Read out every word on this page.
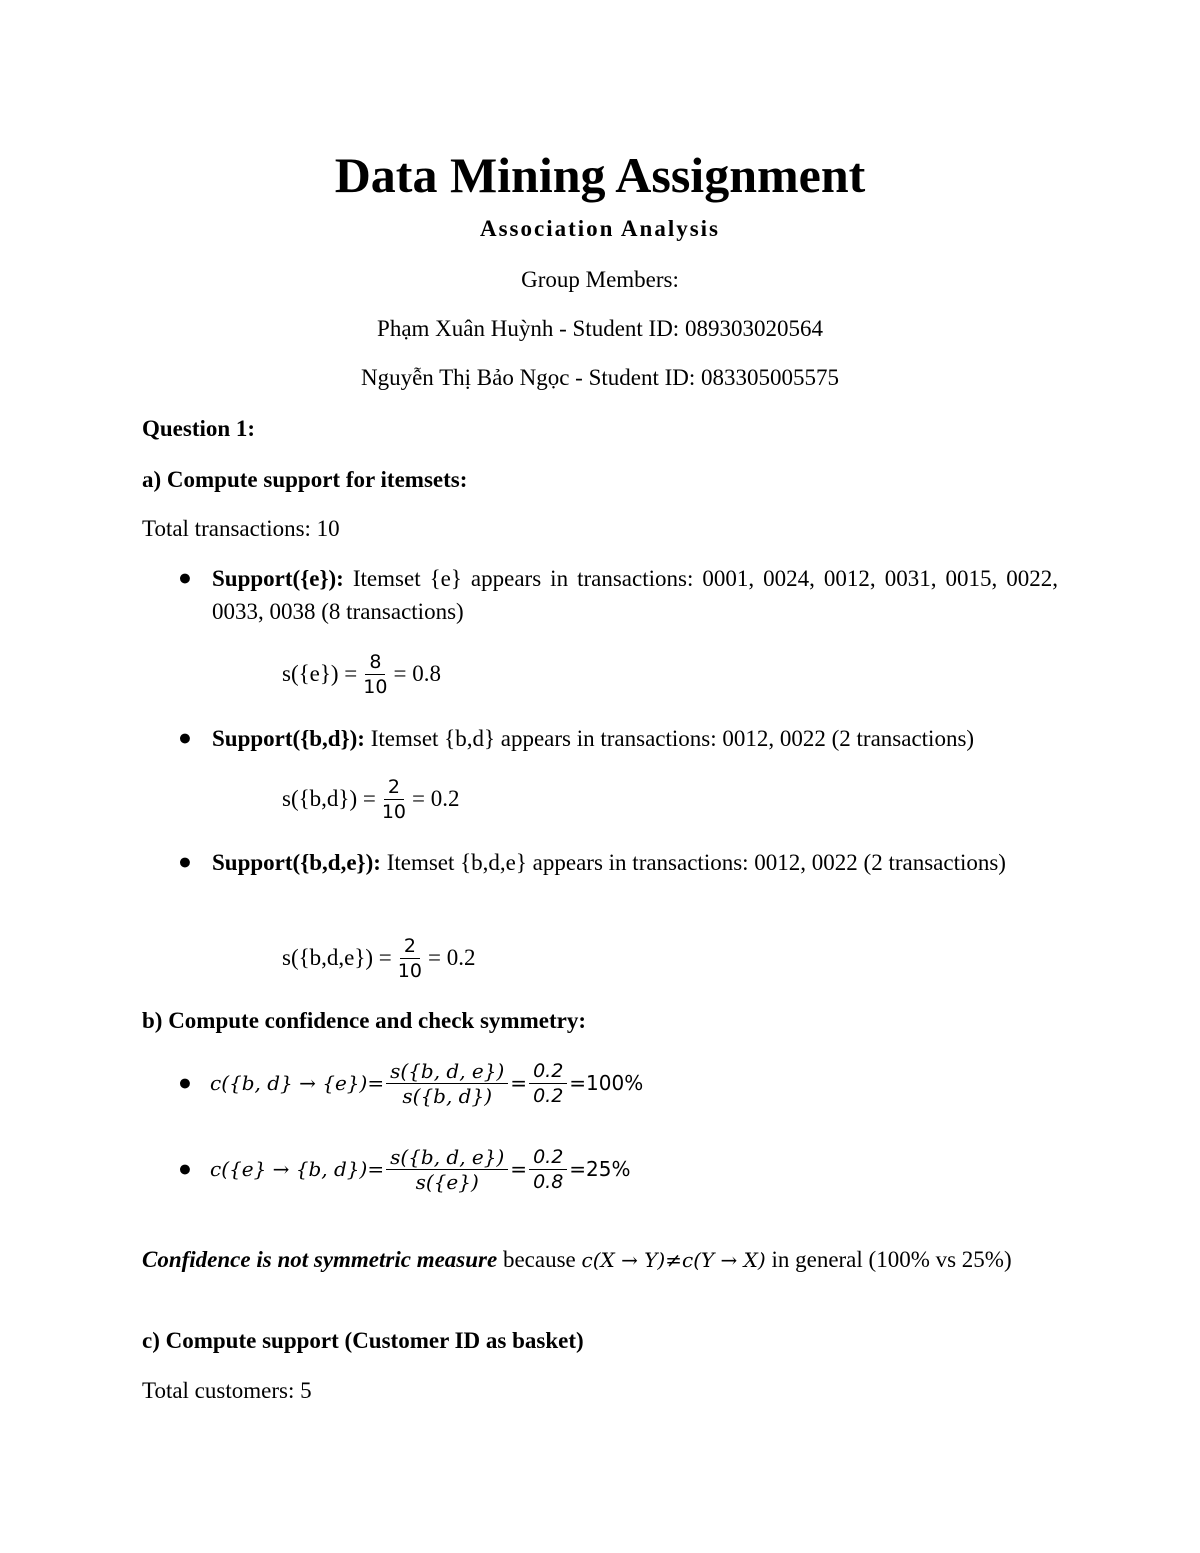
Data Mining Assignment
Association Analysis
Group Members:
Phạm Xuân Huỳnh - Student ID: 089303020564
Nguyễn Thị Bảo Ngọc - Student ID: 083305005575
Question 1:
a) Compute support for itemsets:
Total transactions: 10
● Support({e}): Itemset {e} appears in transactions: 0001, 0024, 0012, 0031, 0015, 0022, 0033, 0038 (8 transactions)
$s(\{e\}) = \frac{8}{10} = 0.8$
● Support({b,d}): Itemset {b,d} appears in transactions: 0012, 0022 (2 transactions)
$s(\{b,d\}) = \frac{2}{10} = 0.2$
● Support({b,d,e}): Itemset {b,d,e} appears in transactions: 0012, 0022 (2 transactions)
$s(\{b,d,e\}) = \frac{2}{10} = 0.2$
b) Compute confidence and check symmetry:
● c({b, $d\} \to \{e\})= \frac{s(\{b, d, e\})}{s(\{b, d\})} = \frac{0.2}{0.2} =100\%$
● c({e} → {b, $d\})= \frac{s(\{b, d, e\})}{s(\{e\})} = \frac{0.2}{0.8} =25\%$
Confidence is not symmetric measure because c(X → Y)≠c(Y → X) in general (100% vs 25%)
c) Compute support (Customer ID as basket)
Total customers: 5
